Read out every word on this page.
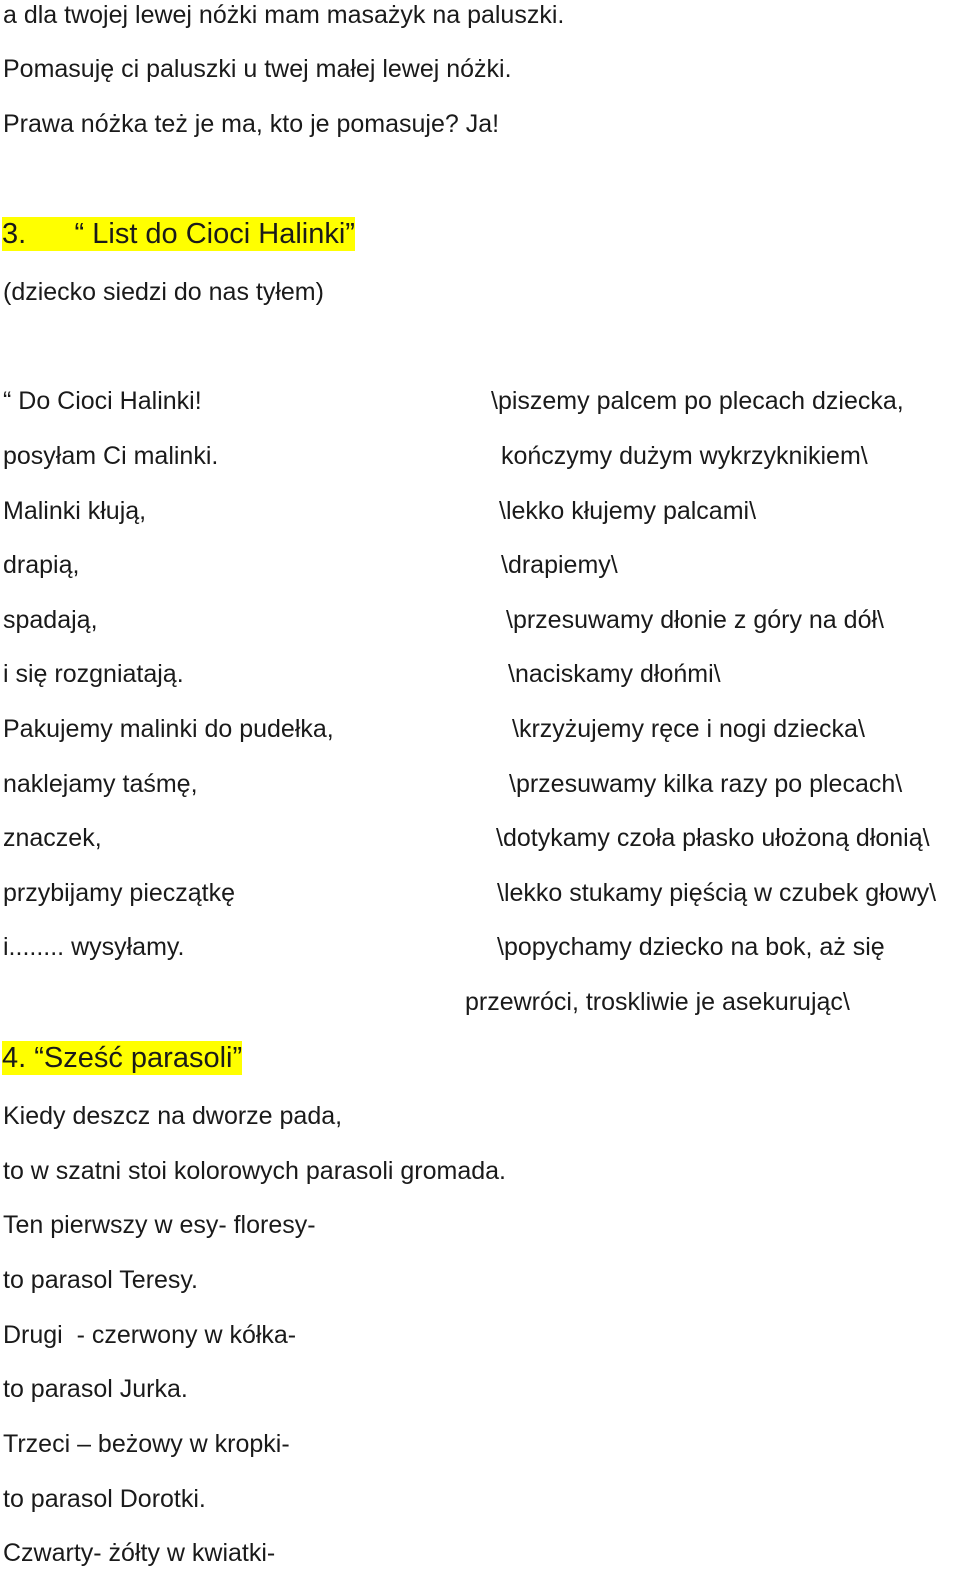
a dla twojej lewej nóżki mam masażyk na paluszki.

Pomasuję ci paluszki u twej małej lewej nóżki.

Prawa nóżka też je ma, kto je pomasuje? Ja!

3.      “ List do Cioci Halinki”

(dziecko siedzi do nas tyłem)

“ Do Cioci Halinki!

posyłam Ci malinki.

Malinki kłują,

drapią,

spadają,

i się rozgniatają.

Pakujemy malinki do pudełka,

naklejamy taśmę,

znaczek,

przybijamy pieczątkę

i........ wysyłamy.

\piszemy palcem po plecach dziecka,

kończymy dużym wykrzyknikiem\

\lekko kłujemy palcami\

\drapiemy\

\przesuwamy dłonie z góry na dół\

\naciskamy dłońmi\

\krzyżujemy ręce i nogi dziecka\

\przesuwamy kilka razy po plecach\

\dotykamy czoła płasko ułożoną dłonią\

\lekko stukamy pięścią w czubek głowy\

\popychamy dziecko na bok, aż się

przewróci, troskliwie je asekurując\

4. “Sześć parasoli”

Kiedy deszcz na dworze pada,

to w szatni stoi kolorowych parasoli gromada.

Ten pierwszy w esy- floresy-

to parasol Teresy.

Drugi  - czerwony w kółka-

to parasol Jurka.

Trzeci – beżowy w kropki-

to parasol Dorotki.

Czwarty- żółty w kwiatki-
